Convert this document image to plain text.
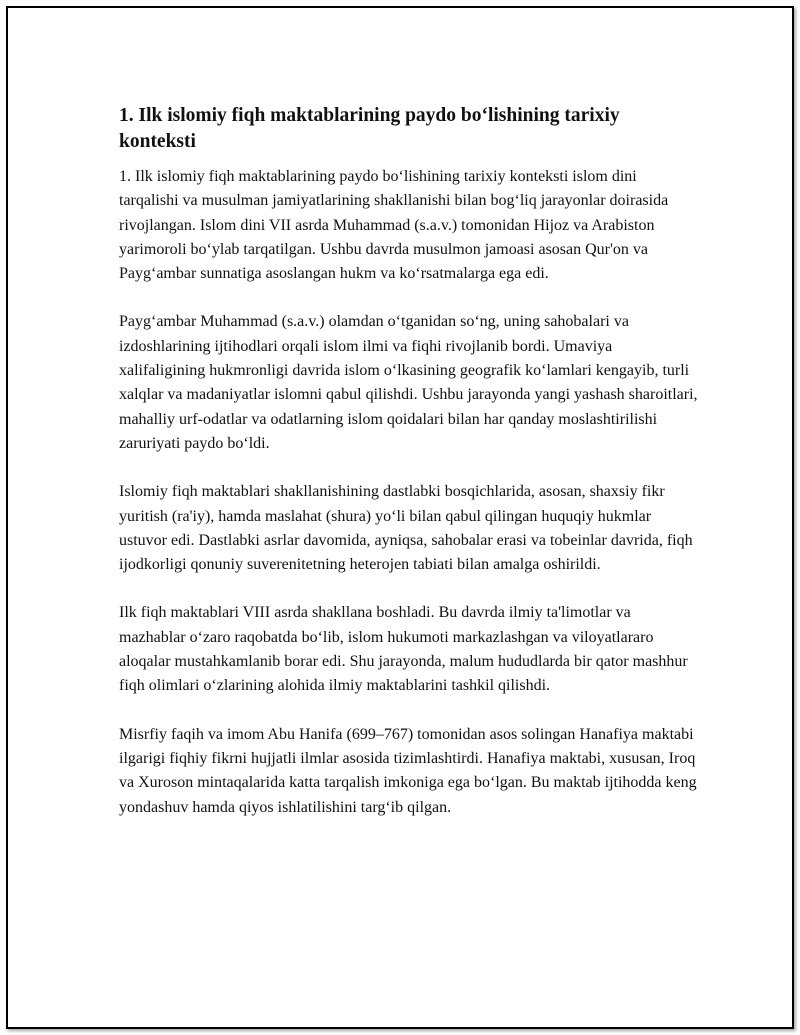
1. Ilk islomiy fiqh maktablarining paydo bo‘lishining tarixiy konteksti

1. Ilk islomiy fiqh maktablarining paydo bo‘lishining tarixiy konteksti islom dini tarqalishi va musulman jamiyatlarining shakllanishi bilan bog‘liq jarayonlar doirasida rivojlangan. Islom dini VII asrda Muhammad (s.a.v.) tomonidan Hijoz va Arabiston yarimoroli bo‘ylab tarqatilgan. Ushbu davrda musulmon jamoasi asosan Qur'on va Payg‘ambar sunnatiga asoslangan hukm va ko‘rsatmalarga ega edi.

Payg‘ambar Muhammad (s.a.v.) olamdan o‘tganidan so‘ng, uning sahobalari va izdoshlarining ijtihodlari orqali islom ilmi va fiqhi rivojlanib bordi. Umaviya xalifaligining hukmronligi davrida islom o‘lkasining geografik ko‘lamlari kengayib, turli xalqlar va madaniyatlar islomni qabul qilishdi. Ushbu jarayonda yangi yashash sharoitlari, mahalliy urf-odatlar va odatlarning islom qoidalari bilan har qanday moslashtirilishi zaruriyati paydo bo‘ldi.

Islomiy fiqh maktablari shakllanishining dastlabki bosqichlarida, asosan, shaxsiy fikr yuritish (ra'iy), hamda maslahat (shura) yo‘li bilan qabul qilingan huquqiy hukmlar ustuvor edi. Dastlabki asrlar davomida, ayniqsa, sahobalar erasi va tobeinlar davrida, fiqh ijodkorligi qonuniy suverenitetning heterojen tabiati bilan amalga oshirildi.

Ilk fiqh maktablari VIII asrda shakllana boshladi. Bu davrda ilmiy ta'limotlar va mazhablar o‘zaro raqobatda bo‘lib, islom hukumoti markazlashgan va viloyatlararo aloqalar mustahkamlanib borar edi. Shu jarayonda, malum hududlarda bir qator mashhur fiqh olimlari o‘zlarining alohida ilmiy maktablarini tashkil qilishdi.

Misrfiy faqih va imom Abu Hanifa (699–767) tomonidan asos solingan Hanafiya maktabi ilgarigi fiqhiy fikrni hujjatli ilmlar asosida tizimlashtirdi. Hanafiya maktabi, xususan, Iroq va Xuroson mintaqalarida katta tarqalish imkoniga ega bo‘lgan. Bu maktab ijtihodda keng yondashuv hamda qiyos ishlatilishini targ‘ib qilgan.
